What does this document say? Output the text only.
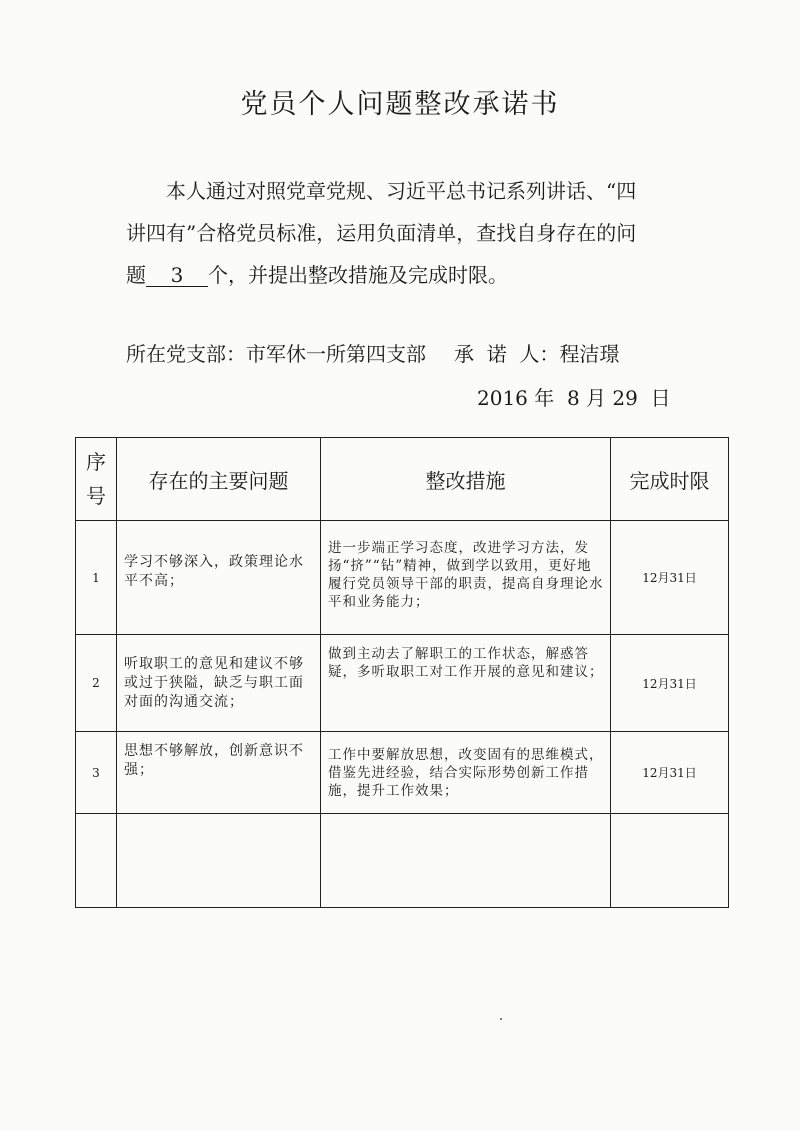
党员个人问题整改承诺书
本人通过对照党章党规、习近平总书记系列讲话、“四
讲四有”合格党员标准，运用负面清单，查找自身存在的问
题 3 个，并提出整改措施及完成时限。
所在党支部：市军休一所第四支部 承  诺  人：程洁璟
2016 年  8 月 29  日
序
号	存在的主要问题	整改措施	完成时限
1	学习不够深入，政策理论水平不高；	进一步端正学习态度，改进学习方法，发扬“挤”“钻”精神，做到学以致用，更好地履行党员领导干部的职责，提高自身理论水平和业务能力；	12月31日
2	听取职工的意见和建议不够或过于狭隘，缺乏与职工面对面的沟通交流；	做到主动去了解职工的工作状态，解惑答疑，多听取职工对工作开展的意见和建议；	12月31日
3	思想不够解放，创新意识不强；	工作中要解放思想，改变固有的思维模式，借鉴先进经验，结合实际形势创新工作措施，提升工作效果；	12月31日
